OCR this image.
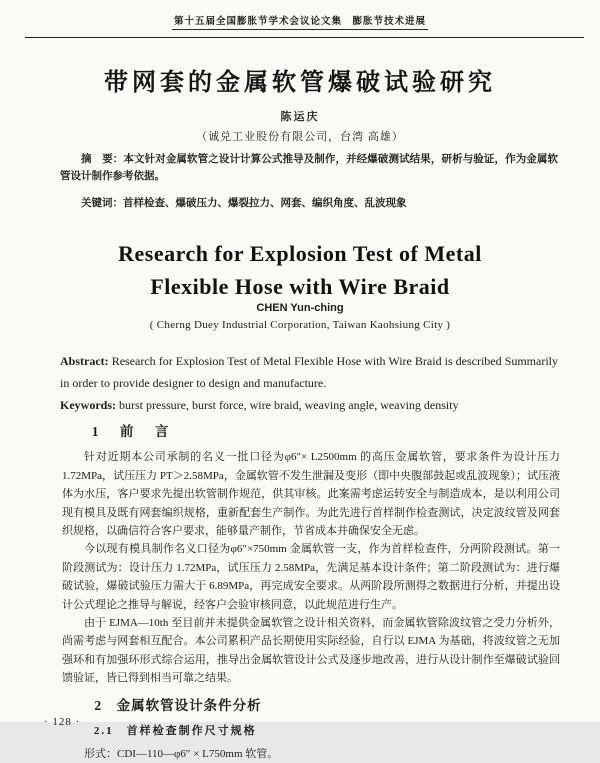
第十五届全国膨胀节学术会议论文集　膨胀节技术进展
带网套的金属软管爆破试验研究
陈运庆
（诚兑工业股份有限公司，台湾 高雄）

摘　要：本文针对金属软管之设计计算公式推导及制作，并经爆破测试结果，研析与验证，作为金属软管设计制作参考依据。

关键词：首样检查、爆破压力、爆裂拉力、网套、编织角度、乱波现象

Research for Explosion Test of Metal
Flexible Hose with Wire Braid
CHEN Yun-ching
( Cherng Duey Industrial Corporation, Taiwan Kaohsiung City )

Abstract: Research for Explosion Test of Metal Flexible Hose with Wire Braid is described Summarily in order to provide designer to design and manufacture.

Keywords: burst pressure, burst force, wire braid, weaving angle, weaving density

1　前　言

针对近期本公司承制的名义一批口径为φ6″× L2500mm 的高压金属软管，要求条件为设计压力 1.72MPa，试压压力 PT＞2.58MPa，金属软管不发生泄漏及变形（即中央腹部鼓起或乱波现象）；试压液体为水压，客户要求先提出软管制作规范，供其审核。此案需考虑运转安全与制造成本，是以利用公司现有模具及既有网套编织规格，重新配套生产制作。为此先进行首样制作检查测试，决定波纹管及网套织规格，以确信符合客户要求，能够量产制作，节省成本并确保安全无虑。

今以现有模具制作名义口径为φ6″×750mm 金属软管一支，作为首样检查件，分两阶段测试。第一阶段测试为：设计压力 1.72MPa，试压压力 2.58MPa，先满足基本设计条件；第二阶段测试为：进行爆破试验，爆破试验压力需大于 6.89MPa，再完成安全要求。从两阶段所测得之数据进行分析，并提出设计公式理论之推导与解说，经客户会验审核同意，以此规范进行生产。

由于 EJMA—10th 至目前并未提供金属软管之设计相关资料，而金属软管除波纹管之受力分析外，尚需考虑与网套相互配合。本公司累积产品长期使用实际经验，自行以 EJMA 为基础，将波纹管之无加强环和有加强环形式综合运用，推导出金属软管设计公式及逐步地改善，进行从设计制作至爆破试验回馈验证，皆已得到相当可靠之结果。

2　金属软管设计条件分析
2.1　首样检查制作尺寸规格

形式：CDI—110—φ6″ × L750mm 软管。

· 128 ·
